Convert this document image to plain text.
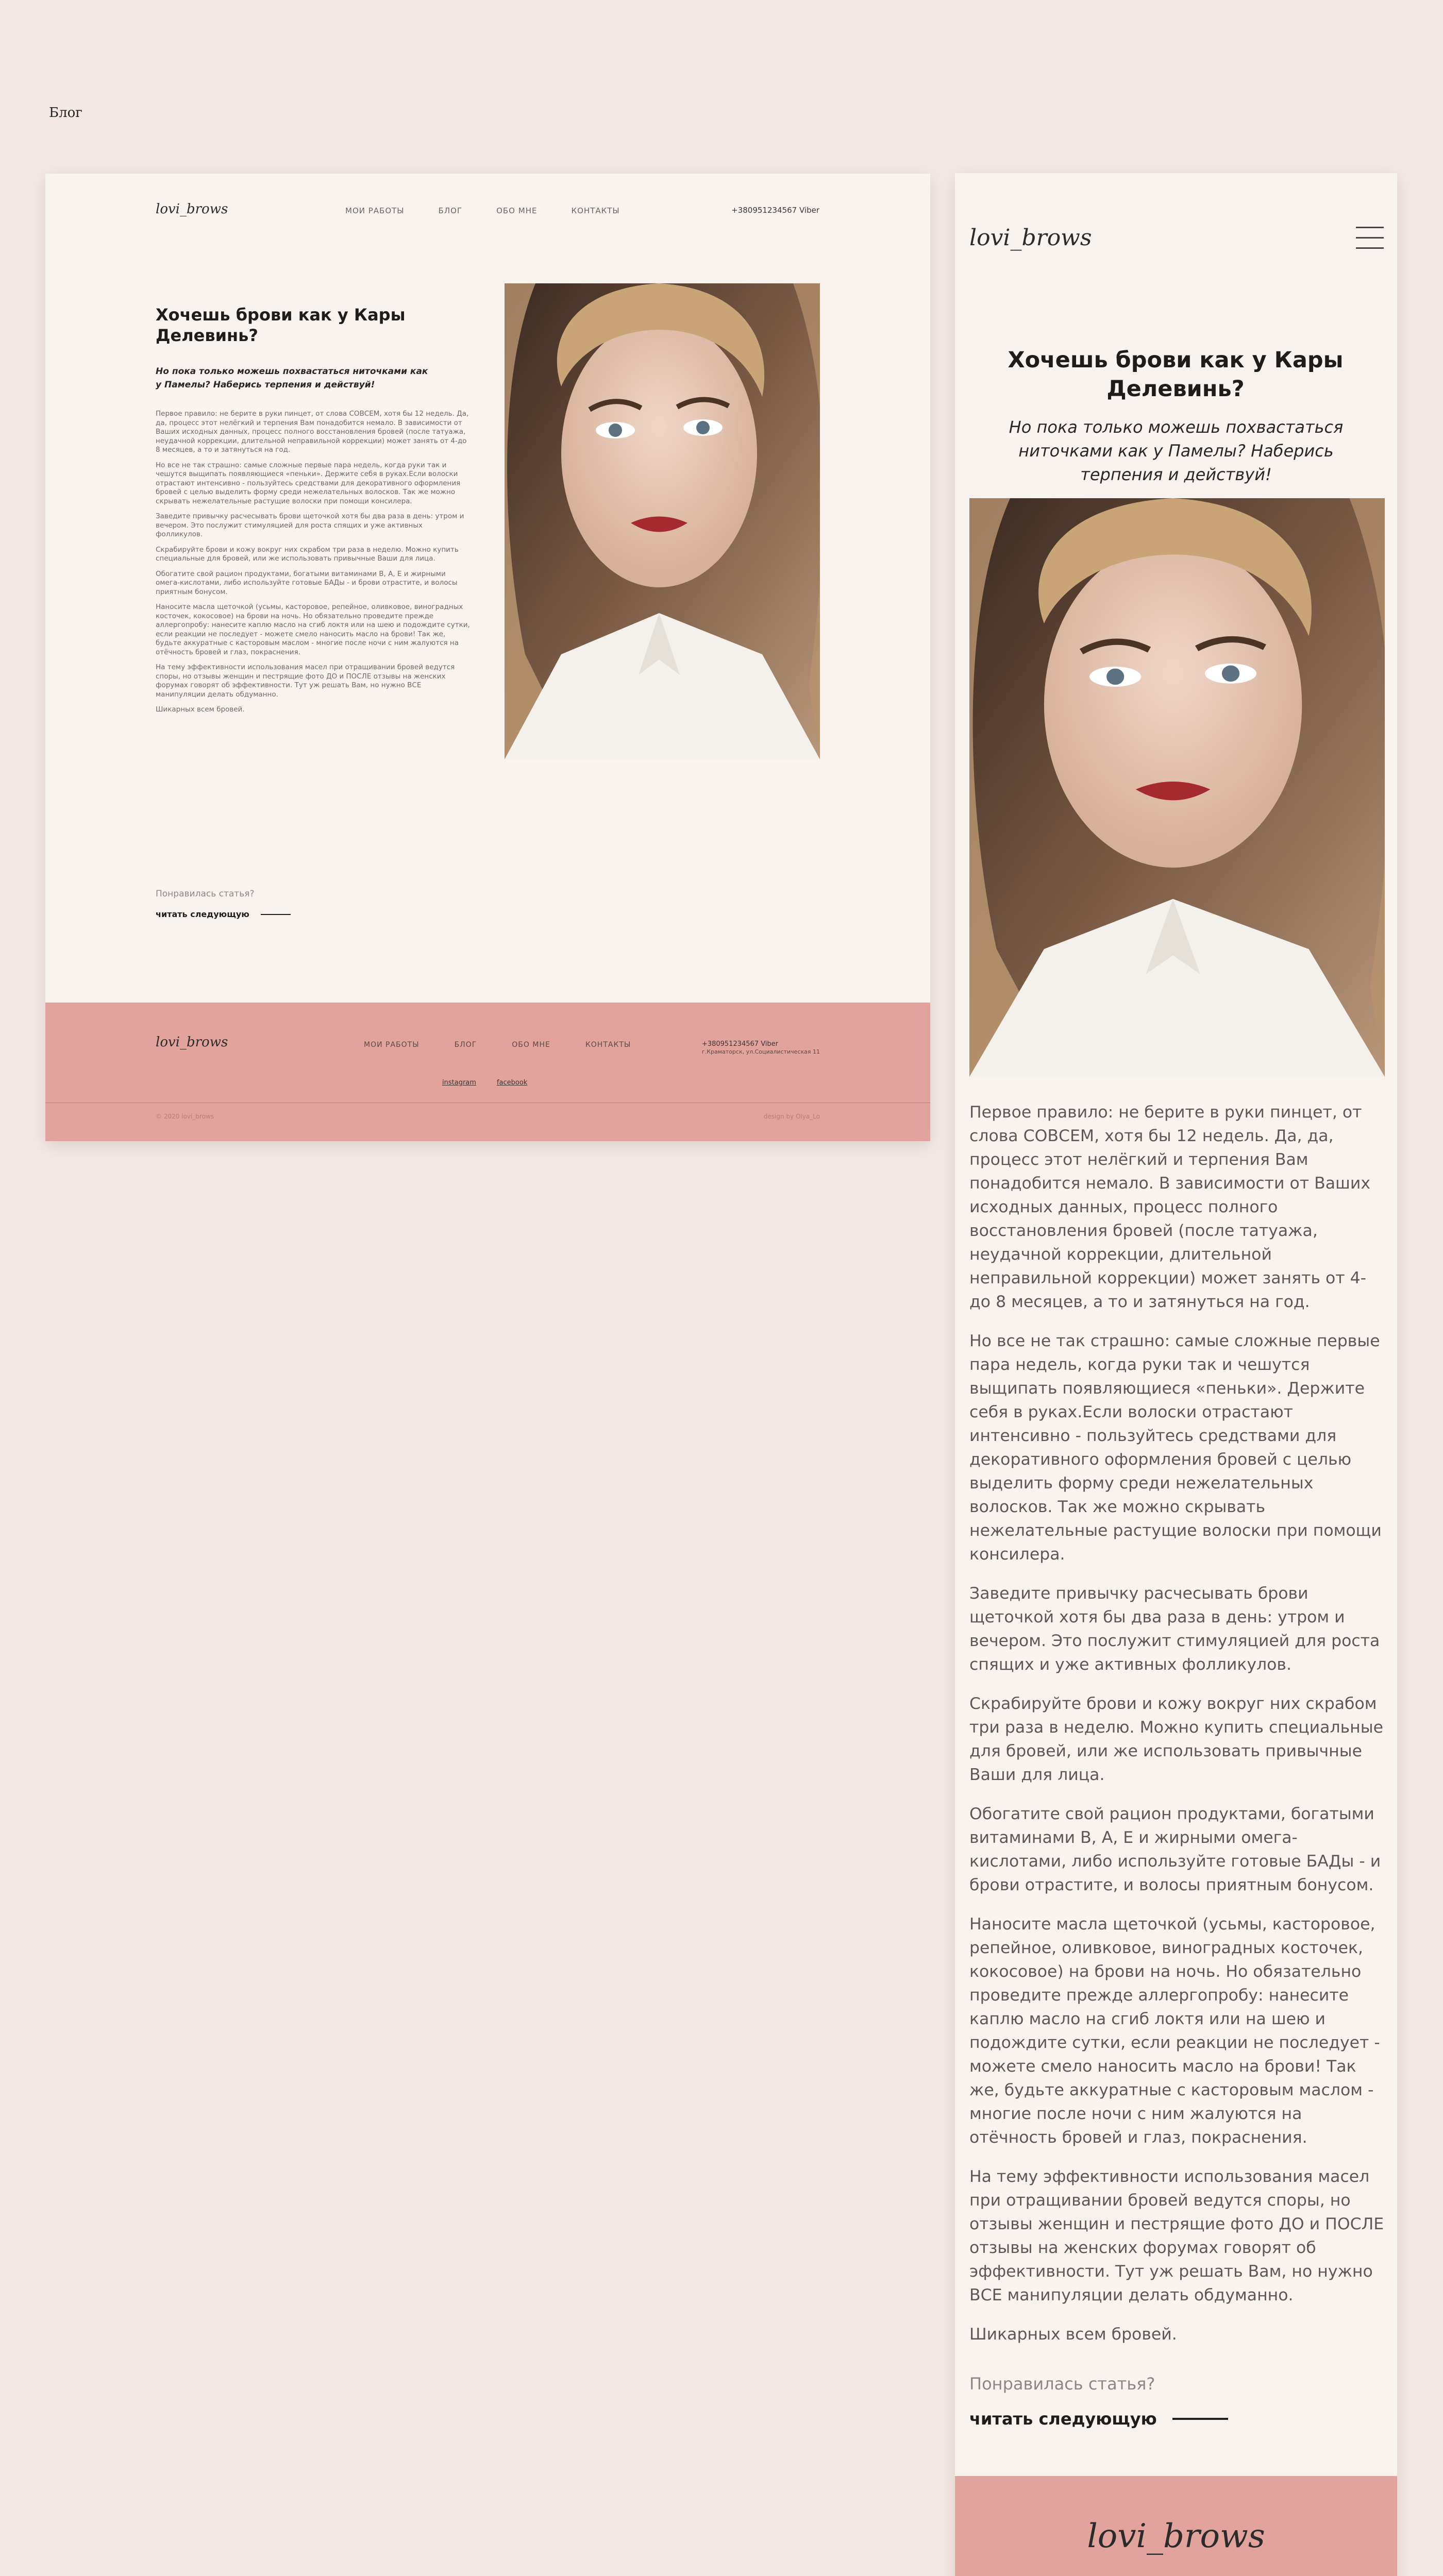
Блог
lovi_brows	МОИ РАБОТЫ	БЛОГ	ОБО МНЕ	КОНТАКТЫ	+380951234567 Viber
Хочешь брови как у Кары Делевинь?
Но пока только можешь похвастаться ниточками как у Памелы? Наберись терпения и действуй!

Первое правило: не берите в руки пинцет, от слова СОВСЕМ, хотя бы 12 недель. Да, да, процесс этот нелёгкий и терпения Вам понадобится немало. В зависимости от Ваших исходных данных, процесс полного восстановления бровей (после татуажа, неудачной коррекции, длительной неправильной коррекции) может занять от 4-до 8 месяцев, а то и затянуться на год.

Но все не так страшно: самые сложные первые пара недель, когда руки так и чешутся выщипать появляющиеся «пеньки». Держите себя в руках.Если волоски отрастают интенсивно - пользуйтесь средствами для декоративного оформления бровей с целью выделить форму среди нежелательных волосков. Так же можно скрывать нежелательные растущие волоски при помощи консилера.

Заведите привычку расчесывать брови щеточкой хотя бы два раза в день: утром и вечером. Это послужит стимуляцией для роста спящих и уже активных фолликулов.

Скрабируйте брови и кожу вокруг них скрабом три раза в неделю. Можно купить специальные для бровей, или же использовать привычные Ваши для лица.

Обогатите свой рацион продуктами, богатыми витаминами В, А, Е и жирными омега-кислотами, либо используйте готовые БАДы - и брови отрастите, и волосы приятным бонусом.

Наносите масла щеточкой (усьмы, касторовое, репейное, оливковое, виноградных косточек, кокосовое) на брови на ночь. Но обязательно проведите прежде аллергопробу: нанесите каплю масло на сгиб локтя или на шею и подождите сутки, если реакции не последует - можете смело наносить масло на брови! Так же, будьте аккуратные с касторовым маслом - многие после ночи с ним жалуются на отёчность бровей и глаз, покраснения.

На тему эффективности использования масел при отращивании бровей ведутся споры, но отзывы женщин и пестрящие фото ДО и ПОСЛЕ отзывы на женских форумах говорят об эффективности. Тут уж решать Вам, но нужно ВСЕ манипуляции делать обдуманно.

Шикарных всем бровей.

Понравилась статья?
читать следующую
lovi_brows	МОИ РАБОТЫ	БЛОГ	ОБО МНЕ	КОНТАКТЫ	+380951234567 Viber
г.Краматорск, ул.Социалистическая 11
instagram	facebook
© 2020 lovi_brows	design by Olya_Lo
lovi_brows
Хочешь брови как у Кары Делевинь?
Но пока только можешь похвастаться ниточками как у Памелы? Наберись терпения и действуй!

Первое правило: не берите в руки пинцет, от слова СОВСЕМ, хотя бы 12 недель. Да, да, процесс этот нелёгкий и терпения Вам понадобится немало. В зависимости от Ваших исходных данных, процесс полного восстановления бровей (после татуажа, неудачной коррекции, длительной неправильной коррекции) может занять от 4-до 8 месяцев, а то и затянуться на год.

Но все не так страшно: самые сложные первые пара недель, когда руки так и чешутся выщипать появляющиеся «пеньки». Держите себя в руках.Если волоски отрастают интенсивно - пользуйтесь средствами для декоративного оформления бровей с целью выделить форму среди нежелательных волосков. Так же можно скрывать нежелательные растущие волоски при помощи консилера.

Заведите привычку расчесывать брови щеточкой хотя бы два раза в день: утром и вечером. Это послужит стимуляцией для роста спящих и уже активных фолликулов.

Скрабируйте брови и кожу вокруг них скрабом три раза в неделю. Можно купить специальные для бровей, или же использовать привычные Ваши для лица.

Обогатите свой рацион продуктами, богатыми витаминами В, А, Е и жирными омега-кислотами, либо используйте готовые БАДы - и брови отрастите, и волосы приятным бонусом.

Наносите масла щеточкой (усьмы, касторовое, репейное, оливковое, виноградных косточек, кокосовое) на брови на ночь. Но обязательно проведите прежде аллергопробу: нанесите каплю масло на сгиб локтя или на шею и подождите сутки, если реакции не последует - можете смело наносить масло на брови! Так же, будьте аккуратные с касторовым маслом - многие после ночи с ним жалуются на отёчность бровей и глаз, покраснения.

На тему эффективности использования масел при отращивании бровей ведутся споры, но отзывы женщин и пестрящие фото ДО и ПОСЛЕ отзывы на женских форумах говорят об эффективности. Тут уж решать Вам, но нужно ВСЕ манипуляции делать обдуманно.

Шикарных всем бровей.

Понравилась статья?
читать следующую
lovi_brows
